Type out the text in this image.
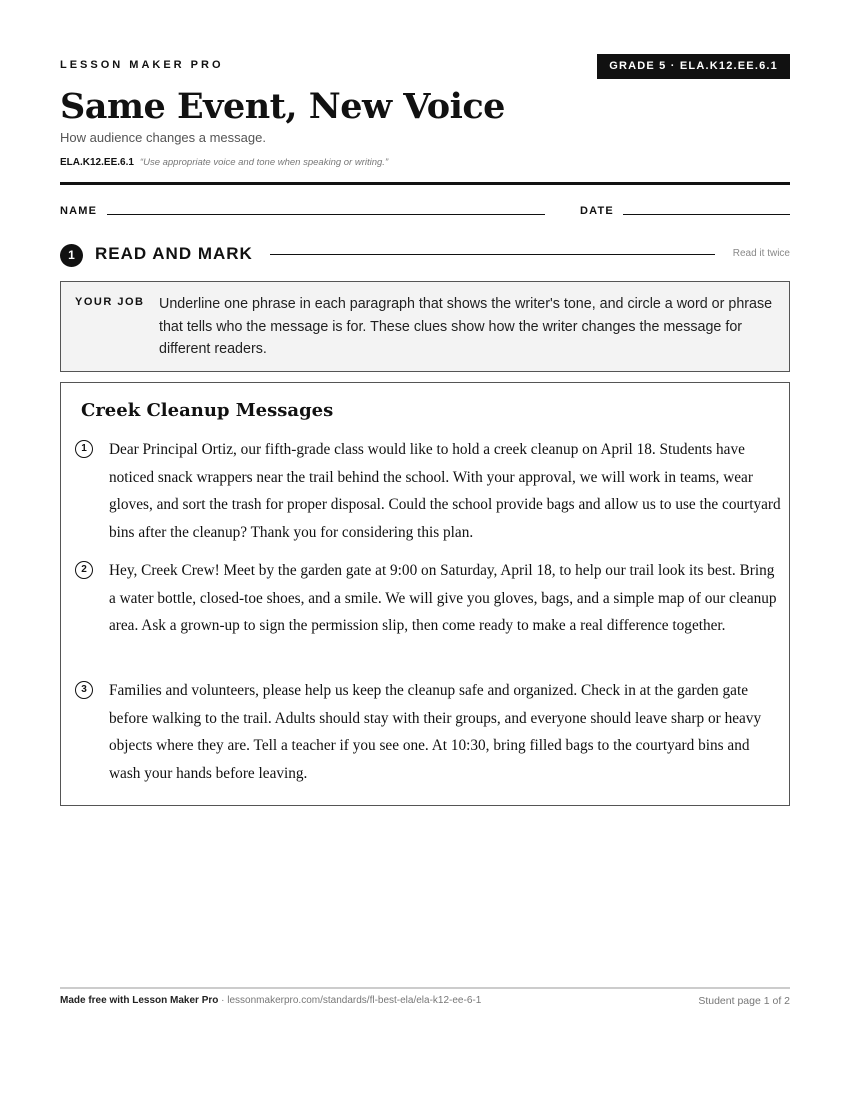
LESSON MAKER PRO	GRADE 5 · ELA.K12.EE.6.1
Same Event, New Voice
How audience changes a message.
ELA.K12.EE.6.1 “Use appropriate voice and tone when speaking or writing.”
NAME	DATE
1	READ AND MARK	Read it twice
YOUR JOB Underline one phrase in each paragraph that shows the writer's tone, and circle a word or phrase that tells who the message is for. These clues show how the writer changes the message for different readers.
Creek Cleanup Messages
1	Dear Principal Ortiz, our fifth-grade class would like to hold a creek cleanup on April 18. Students have noticed snack wrappers near the trail behind the school. With your approval, we will work in teams, wear gloves, and sort the trash for proper disposal. Could the school provide bags and allow us to use the courtyard bins after the cleanup? Thank you for considering this plan.

2	Hey, Creek Crew! Meet by the garden gate at 9:00 on Saturday, April 18, to help our trail look its best. Bring a water bottle, closed-toe shoes, and a smile. We will give you gloves, bags, and a simple map of our cleanup area. Ask a grown-up to sign the permission slip, then come ready to make a real difference together.

3	Families and volunteers, please help us keep the cleanup safe and organized. Check in at the garden gate before walking to the trail. Adults should stay with their groups, and everyone should leave sharp or heavy objects where they are. Tell a teacher if you see one. At 10:30, bring filled bags to the courtyard bins and wash your hands before leaving.

Made free with Lesson Maker Pro · lessonmakerpro.com/standards/fl-best-ela/ela-k12-ee-6-1	Student page 1 of 2
